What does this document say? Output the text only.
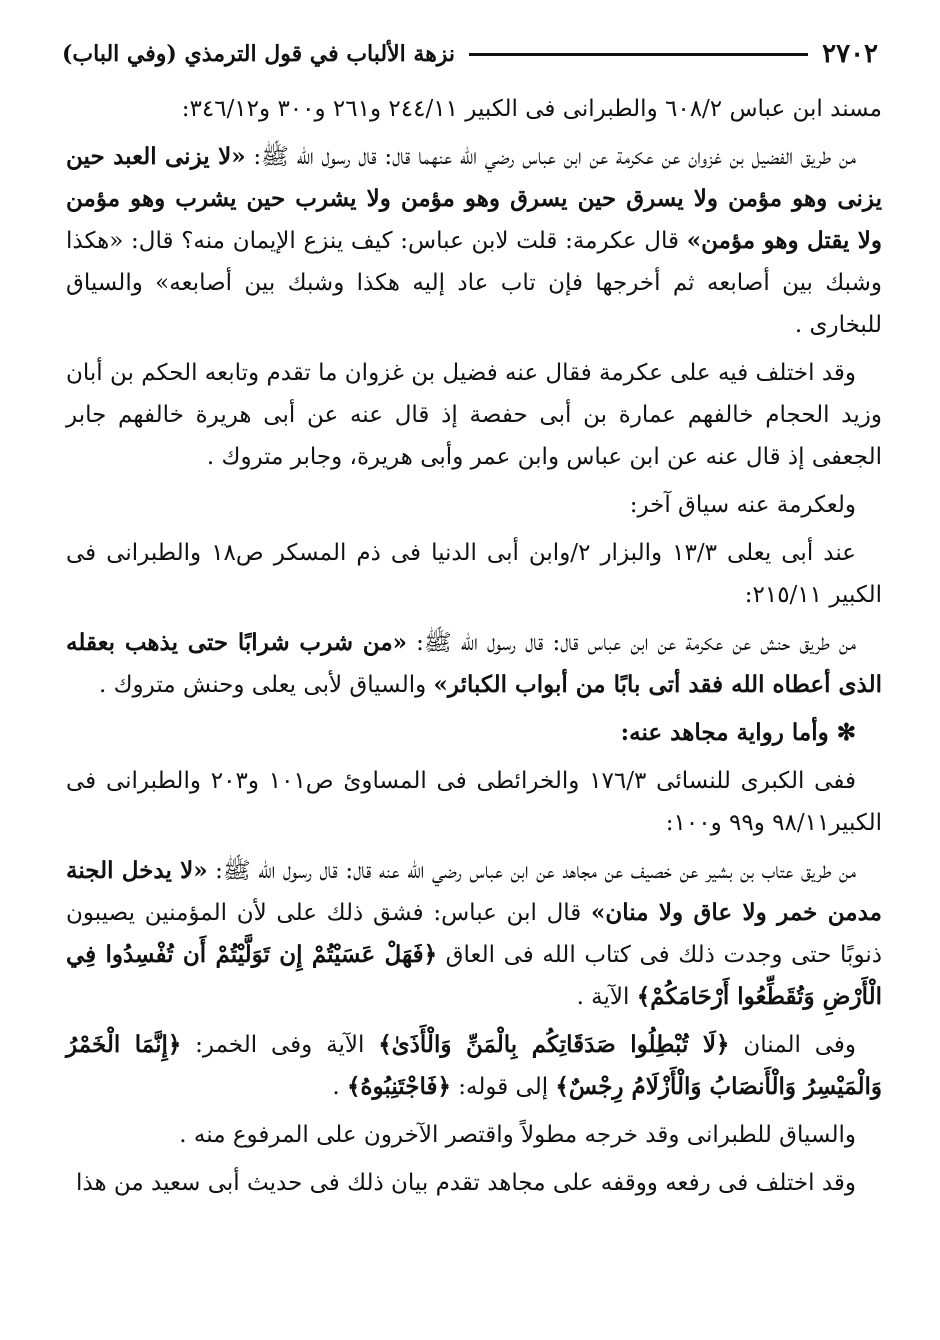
٢٧٠٢
نزهة الألباب في قول الترمذي (وفي الباب)

مسند ابن عباس ٦٠٨/٢ والطبرانى فى الكبير ٢٤٤/١١ و٢٦١ و٣٠٠ و٣٤٦/١٢:

من طريق الفضيل بن غزوان عن عكرمة عن ابن عباس رضي الله عنهما قال: قال رسول الله ﷺ: «لا يزنى العبد حين يزنى وهو مؤمن ولا يسرق حين يسرق وهو مؤمن ولا يشرب حين يشرب وهو مؤمن ولا يقتل وهو مؤمن» قال عكرمة: قلت لابن عباس: كيف ينزع الإيمان منه؟ قال: «هكذا وشبك بين أصابعه ثم أخرجها فإن تاب عاد إليه هكذا وشبك بين أصابعه» والسياق للبخارى .

وقد اختلف فيه على عكرمة فقال عنه فضيل بن غزوان ما تقدم وتابعه الحكم بن أبان وزيد الحجام خالفهم عمارة بن أبى حفصة إذ قال عنه عن أبى هريرة خالفهم جابر الجعفى إذ قال عنه عن ابن عباس وابن عمر وأبى هريرة، وجابر متروك .

ولعكرمة عنه سياق آخر:

عند أبى يعلى ١٣/٣ والبزار ٢/وابن أبى الدنيا فى ذم المسكر ص١٨ والطبرانى فى الكبير ٢١٥/١١:

من طريق حنش عن عكرمة عن ابن عباس قال: قال رسول الله ﷺ: «من شرب شرابًا حتى يذهب بعقله الذى أعطاه الله فقد أتى بابًا من أبواب الكبائر» والسياق لأبى يعلى وحنش متروك .

✻ وأما رواية مجاهد عنه:

ففى الكبرى للنسائى ١٧٦/٣ والخرائطى فى المساوئ ص١٠١ و٢٠٣ والطبرانى فى الكبير٩٨/١١ و٩٩ و١٠٠:

من طريق عتاب بن بشير عن خصيف عن مجاهد عن ابن عباس رضي الله عنه قال: قال رسول الله ﷺ: «لا يدخل الجنة مدمن خمر ولا عاق ولا منان» قال ابن عباس: فشق ذلك على لأن المؤمنين يصيبون ذنوبًا حتى وجدت ذلك فى كتاب الله فى العاق ﴿فَهَلْ عَسَيْتُمْ إِن تَوَلَّيْتُمْ أَن تُفْسِدُوا فِي الْأَرْضِ وَتُقَطِّعُوا أَرْحَامَكُمْ﴾ الآية .

وفى المنان ﴿لَا تُبْطِلُوا صَدَقَاتِكُم بِالْمَنِّ وَالْأَذَىٰ﴾ الآية وفى الخمر: ﴿إِنَّمَا الْخَمْرُ وَالْمَيْسِرُ وَالْأَنصَابُ وَالْأَزْلَامُ رِجْسٌ﴾ إلى قوله: ﴿فَاجْتَنِبُوهُ﴾ .

والسياق للطبرانى وقد خرجه مطولاً واقتصر الآخرون على المرفوع منه .

وقد اختلف فى رفعه ووقفه على مجاهد تقدم بيان ذلك فى حديث أبى سعيد من هذا
